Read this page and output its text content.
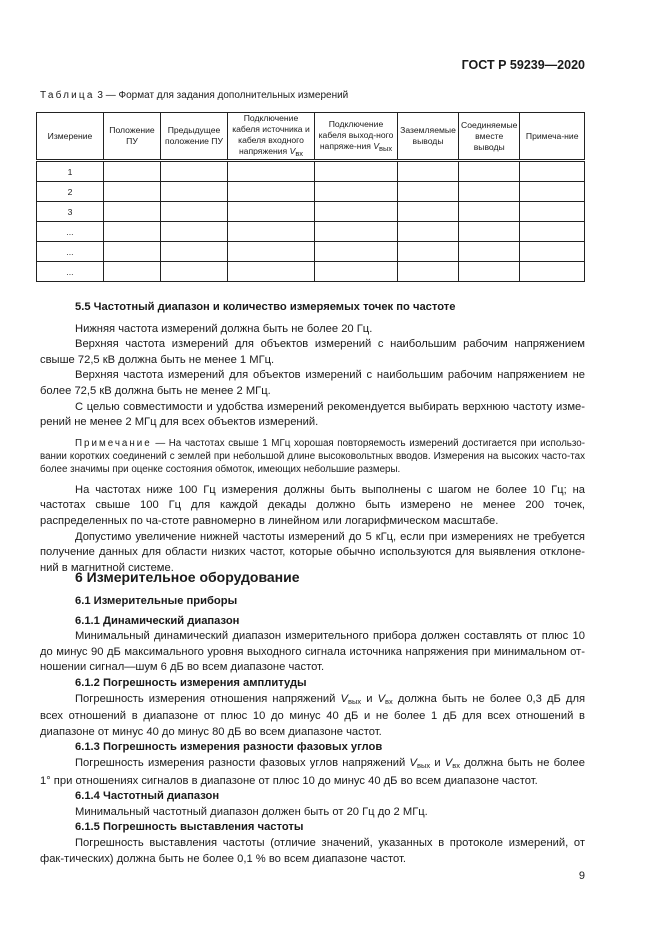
ГОСТ Р 59239—2020
Таблица 3 — Формат для задания дополнительных измерений
Измерение	Положение ПУ	Предыдущее положение ПУ	Подключение кабеля источника и кабеля входного напряжения $V_{вх}$	Подключение кабеля выход-ного напряже-ния $V_{вых}$	Заземляемые выводы	Соединяемые вместе выводы	Примеча-ние
1							
2							
3							
...							
...							
...							
5.5 Частотный диапазон и количество измеряемых точек по частоте
Нижняя частота измерений должна быть не более 20 Гц.
Верхняя частота измерений для объектов измерений с наибольшим рабочим напряжением свыше 72,5 кВ должна быть не менее 1 МГц.
Верхняя частота измерений для объектов измерений с наибольшим рабочим напряжением не более 72,5 кВ должна быть не менее 2 МГц.
С целью совместимости и удобства измерений рекомендуется выбирать верхнюю частоту изме-рений не менее 2 МГц для всех объектов измерений.
Примечание — На частотах свыше 1 МГц хорошая повторяемость измерений достигается при использо-вании коротких соединений с землей при небольшой длине высоковольтных вводов. Измерения на высоких часто-тах более значимы при оценке состояния обмоток, имеющих небольшие размеры.
На частотах ниже 100 Гц измерения должны быть выполнены с шагом не более 10 Гц; на частотах свыше 100 Гц для каждой декады должно быть измерено не менее 200 точек, распределенных по ча-стоте равномерно в линейном или логарифмическом масштабе.
Допустимо увеличение нижней частоты измерений до 5 кГц, если при измерениях не требуется получение данных для области низких частот, которые обычно используются для выявления отклоне-ний в магнитной системе.
6 Измерительное оборудование
6.1 Измерительные приборы
6.1.1 Динамический диапазон
Минимальный динамический диапазон измерительного прибора должен составлять от плюс 10 до минус 90 дБ максимального уровня выходного сигнала источника напряжения при минимальном от-ношении сигнал—шум 6 дБ во всем диапазоне частот.
6.1.2 Погрешность измерения амплитуды
Погрешность измерения отношения напряжений $V_{вых}$ и $V_{вх}$ должна быть не более 0,3 дБ для всех отношений в диапазоне от плюс 10 до минус 40 дБ и не более 1 дБ для всех отношений в диапазоне от минус 40 до минус 80 дБ во всем диапазоне частот.
6.1.3 Погрешность измерения разности фазовых углов
Погрешность измерения разности фазовых углов напряжений $V_{вых}$ и $V_{вх}$ должна быть не более 1° при отношениях сигналов в диапазоне от плюс 10 до минус 40 дБ во всем диапазоне частот.
6.1.4 Частотный диапазон
Минимальный частотный диапазон должен быть от 20 Гц до 2 МГц.
6.1.5 Погрешность выставления частоты
Погрешность выставления частоты (отличие значений, указанных в протоколе измерений, от фак-тических) должна быть не более 0,1 % во всем диапазоне частот.
9
